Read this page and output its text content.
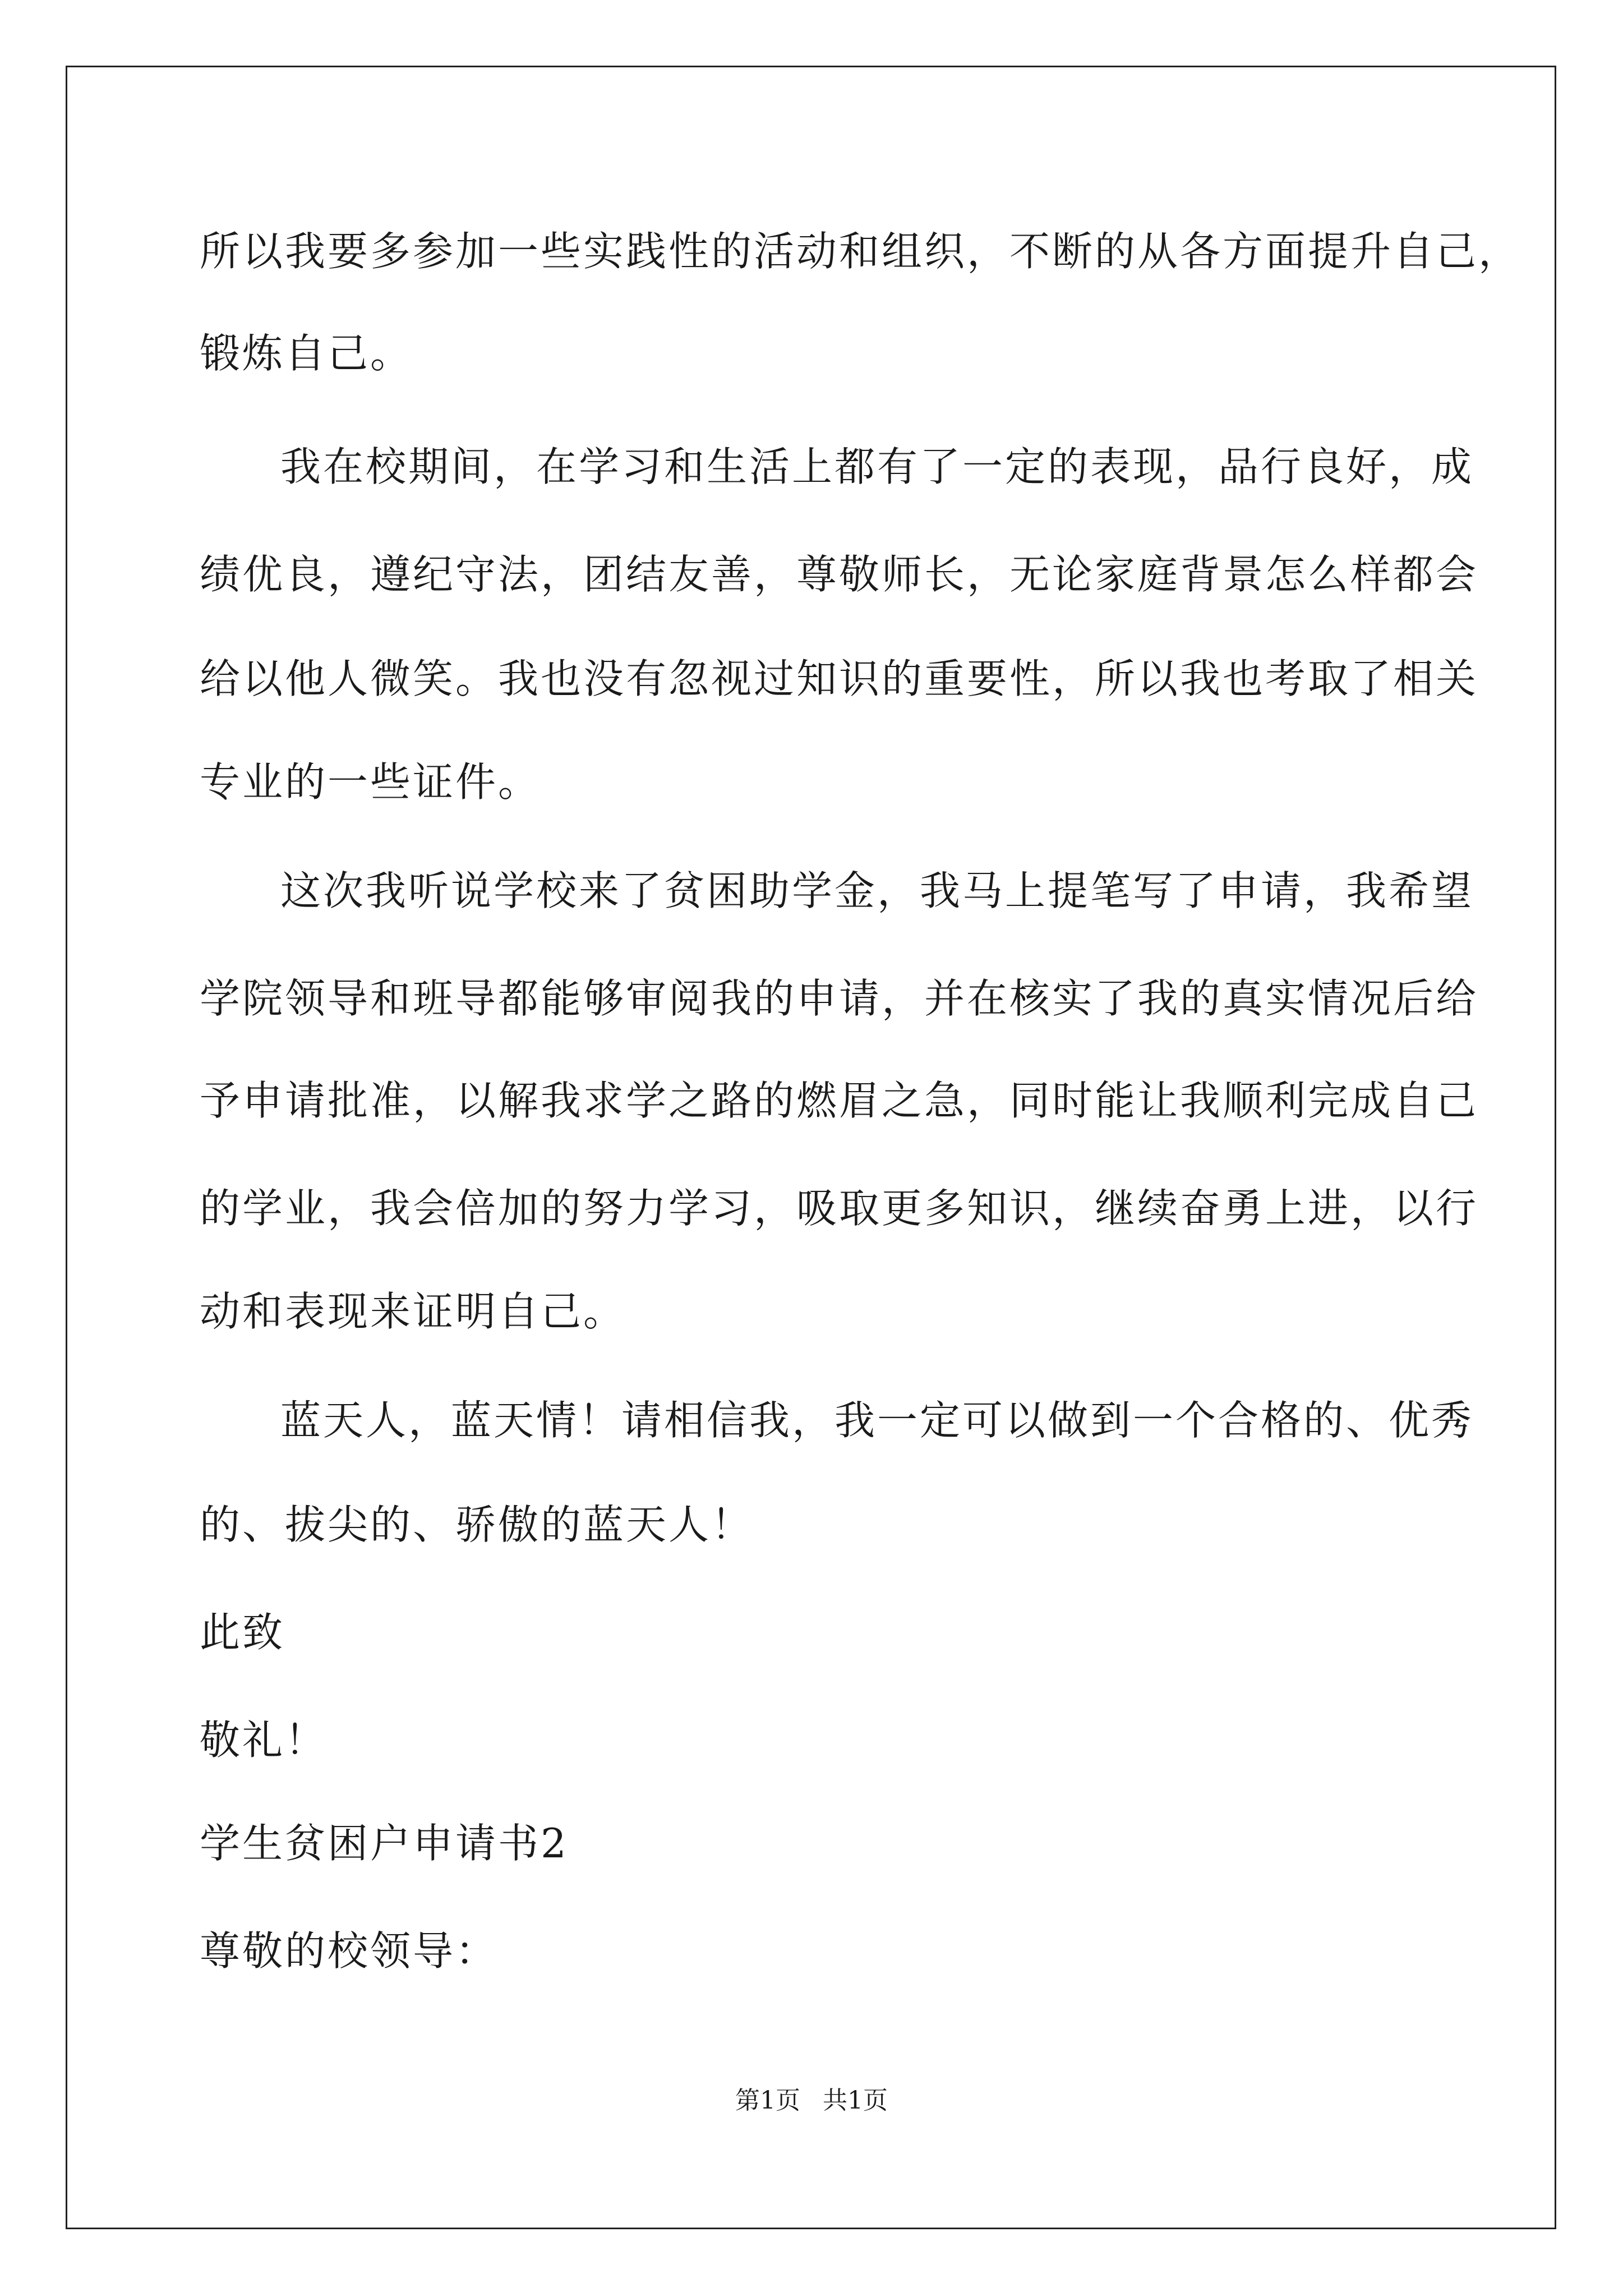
所以我要多参加一些实践性的活动和组织，不断的从各方面提升自己，
锻炼自己。
我在校期间，在学习和生活上都有了一定的表现，品行良好，成
绩优良，遵纪守法，团结友善，尊敬师长，无论家庭背景怎么样都会
给以他人微笑。我也没有忽视过知识的重要性，所以我也考取了相关
专业的一些证件。
这次我听说学校来了贫困助学金，我马上提笔写了申请，我希望
学院领导和班导都能够审阅我的申请，并在核实了我的真实情况后给
予申请批准，以解我求学之路的燃眉之急，同时能让我顺利完成自己
的学业，我会倍加的努力学习，吸取更多知识，继续奋勇上进，以行
动和表现来证明自己。
蓝天人，蓝天情！请相信我，我一定可以做到一个合格的、优秀
的、拔尖的、骄傲的蓝天人！
此致
敬礼！
学生贫困户申请书2
尊敬的校领导：
第1页 共1页
